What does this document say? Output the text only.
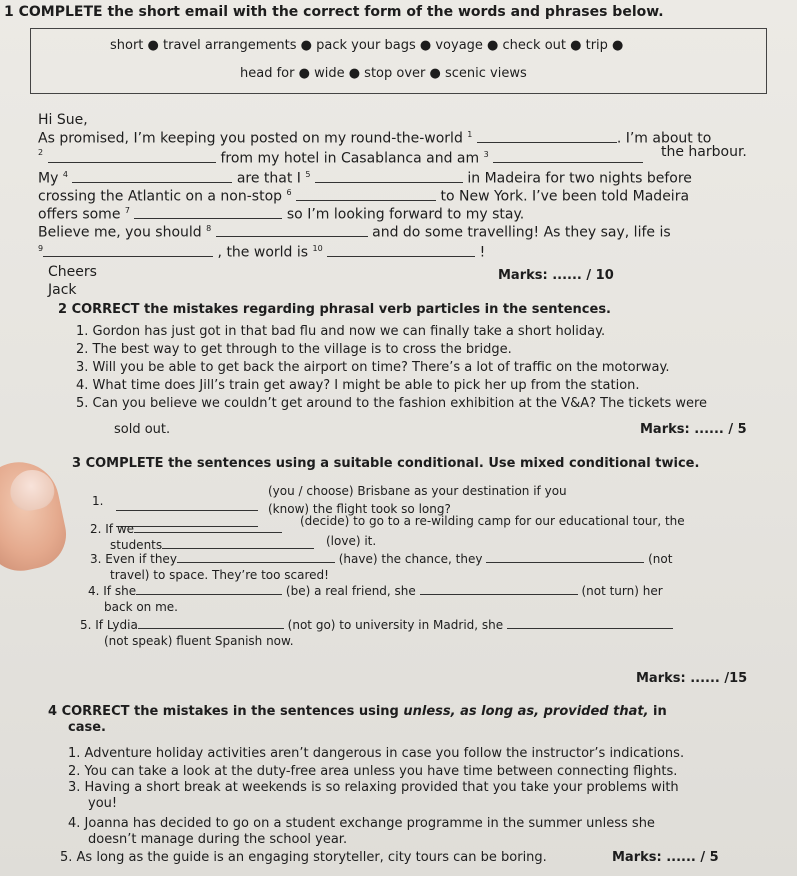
1 COMPLETE the short email with the correct form of the words and phrases below.
short ● travel arrangements ● pack your bags ● voyage ● check out ● trip ●
head for ● wide ● stop over ● scenic views
Hi Sue,
As promised, I’m keeping you posted on my round-the-world $^1$	. I’m about to
$^2$	from my hotel in Casablanca and am $^3$	the harbour.
My $^4$	are that I $^5$	in Madeira for two nights before
crossing the Atlantic on a non-stop $^6$	to New York. I’ve been told Madeira
offers some $^7$	so I’m looking forward to my stay.
Believe me, you should $^8$	and do some travelling! As they say, life is
$^9$	, the world is $^{10}$	!
Cheers
Jack
Marks: ...... / 10
2 CORRECT the mistakes regarding phrasal verb particles in the sentences.
1. Gordon has just got in that bad flu and now we can finally take a short holiday.
2. The best way to get through to the village is to cross the bridge.
3. Will you be able to get back the airport on time? There’s a lot of traffic on the motorway.
4. What time does Jill’s train get away? I might be able to pick her up from the station.
5. Can you believe we couldn’t get around to the fashion exhibition at the V&A? The tickets were
sold out.	Marks: ...... / 5
3 COMPLETE the sentences using a suitable conditional. Use mixed conditional twice.
1.
(you / choose) Brisbane as your destination if you
(know) the flight took so long?
2. If we
(decide) to go to a re-wilding camp for our educational tour, the
students	(love) it.
3. Even if they	(have) the chance, they	(not
travel) to space. They’re too scared!
4. If she	(be) a real friend, she	(not turn) her
back on me.
5. If Lydia	(not go) to university in Madrid, she
(not speak) fluent Spanish now.
Marks: ...... /15
4 CORRECT the mistakes in the sentences using unless, as long as, provided that, in
case.
1. Adventure holiday activities aren’t dangerous in case you follow the instructor’s indications.
2. You can take a look at the duty-free area unless you have time between connecting flights.
3. Having a short break at weekends is so relaxing provided that you take your problems with
you!
4. Joanna has decided to go on a student exchange programme in the summer unless she
doesn’t manage during the school year.
5. As long as the guide is an engaging storyteller, city tours can be boring.	Marks: ...... / 5
